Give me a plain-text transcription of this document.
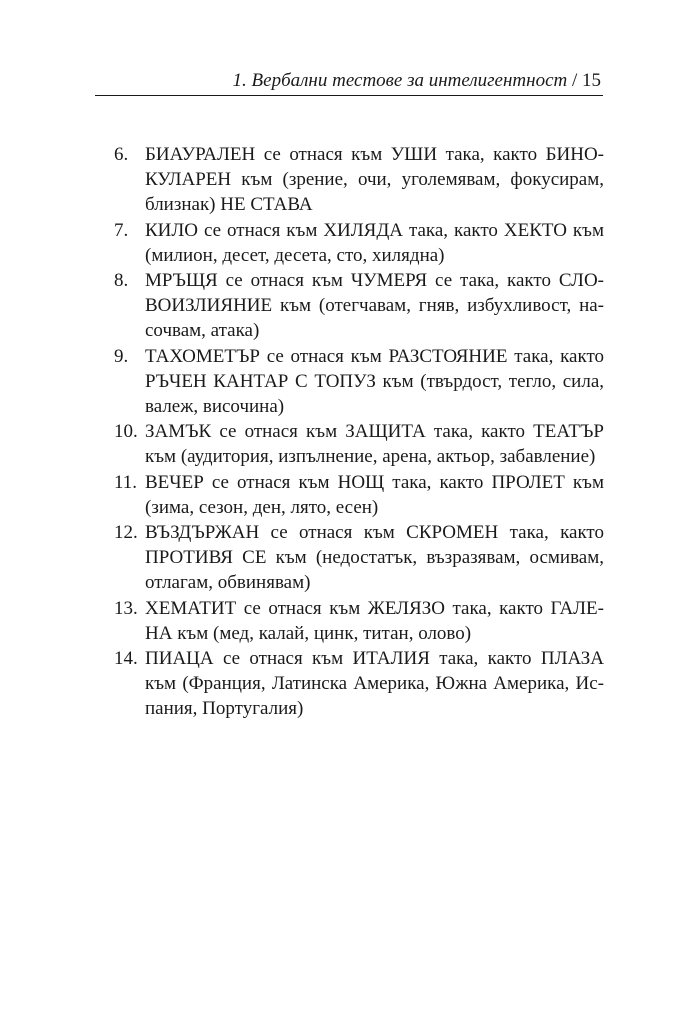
1. Вербални тестове за интелигентност / 15
6. БИАУРАЛЕН се отнася към УШИ така, както БИНО-
КУЛАРЕН към (зрение, очи, уголемявам, фокусирам,
близнак) НЕ СТАВА
7. КИЛО се отнася към ХИЛЯДА така, както ХЕКТО към
(милион, десет, десета, сто, хилядна)
8. МРЪЩЯ се отнася към ЧУМЕРЯ се така, както СЛО-
ВОИЗЛИЯНИЕ към (отегчавам, гняв, избухливост, на-
сочвам, атака)
9. ТАХОМЕТЪР се отнася към РАЗСТОЯНИЕ така, както
РЪЧЕН КАНТАР С ТОПУЗ към (твърдост, тегло, сила,
валеж, височина)
10. ЗАМЪК се отнася към ЗАЩИТА така, както ТЕАТЪР
към (аудитория, изпълнение, арена, актьор, забавление)
11. ВЕЧЕР се отнася към НОЩ така, както ПРОЛЕТ към
(зима, сезон, ден, лято, есен)
12. ВЪЗДЪРЖАН се отнася към СКРОМЕН така, както
ПРОТИВЯ СЕ към (недостатък, възразявам, осмивам,
отлагам, обвинявам)
13. ХЕМАТИТ се отнася към ЖЕЛЯЗО така, както ГАЛЕ-
НА към (мед, калай, цинк, титан, олово)
14. ПИАЦА се отнася към ИТАЛИЯ така, както ПЛАЗА
към (Франция, Латинска Америка, Южна Америка, Ис-
пания, Португалия)
